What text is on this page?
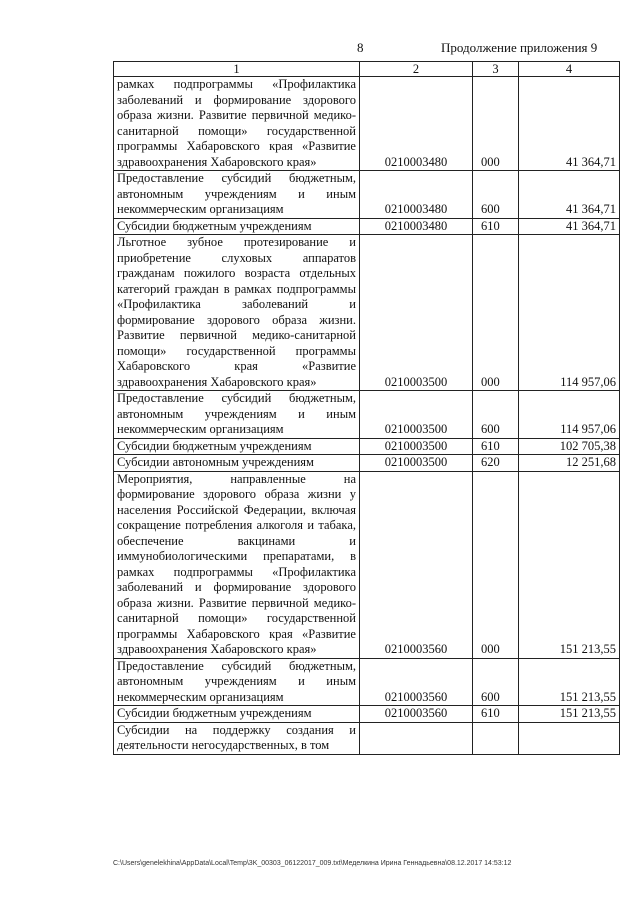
8	Продолжение приложения 9
1	2	3	4
рамках подпрограммы «Профилактика заболеваний и формирование здорового образа жизни. Развитие первичной медико-санитарной помощи» государственной программы Хабаровского края «Развитие здравоохранения Хабаровского края»	0210003480	000	41 364,71
Предоставление субсидий бюджетным, автономным учреждениям и иным некоммерческим организациям	0210003480	600	41 364,71
Субсидии бюджетным учреждениям	0210003480	610	41 364,71
Льготное зубное протезирование и приобретение слуховых аппаратов гражданам пожилого возраста отдельных категорий граждан в рамках подпрограммы «Профилактика заболеваний и формирование здорового образа жизни. Развитие первичной медико-санитарной помощи» государственной программы Хабаровского края «Развитие здравоохранения Хабаровского края»	0210003500	000	114 957,06
Предоставление субсидий бюджетным, автономным учреждениям и иным некоммерческим организациям	0210003500	600	114 957,06
Субсидии бюджетным учреждениям	0210003500	610	102 705,38
Субсидии автономным учреждениям	0210003500	620	12 251,68
Мероприятия, направленные на формирование здорового образа жизни у населения Российской Федерации, включая сокращение потребления алкоголя и табака, обеспечение вакцинами и иммунобиологическими препаратами, в рамках подпрограммы «Профилактика заболеваний и формирование здорового образа жизни. Развитие первичной медико-санитарной помощи» государственной программы Хабаровского края «Развитие здравоохранения Хабаровского края»	0210003560	000	151 213,55
Предоставление субсидий бюджетным, автономным учреждениям и иным некоммерческим организациям	0210003560	600	151 213,55
Субсидии бюджетным учреждениям	0210003560	610	151 213,55
Субсидии на поддержку создания и деятельности негосударственных, в том			
C:\Users\genelekhina\AppData\Local\Temp\3K_00303_06122017_009.txt\Меделкина Ирина Геннадьевна\08.12.2017 14:53:12
